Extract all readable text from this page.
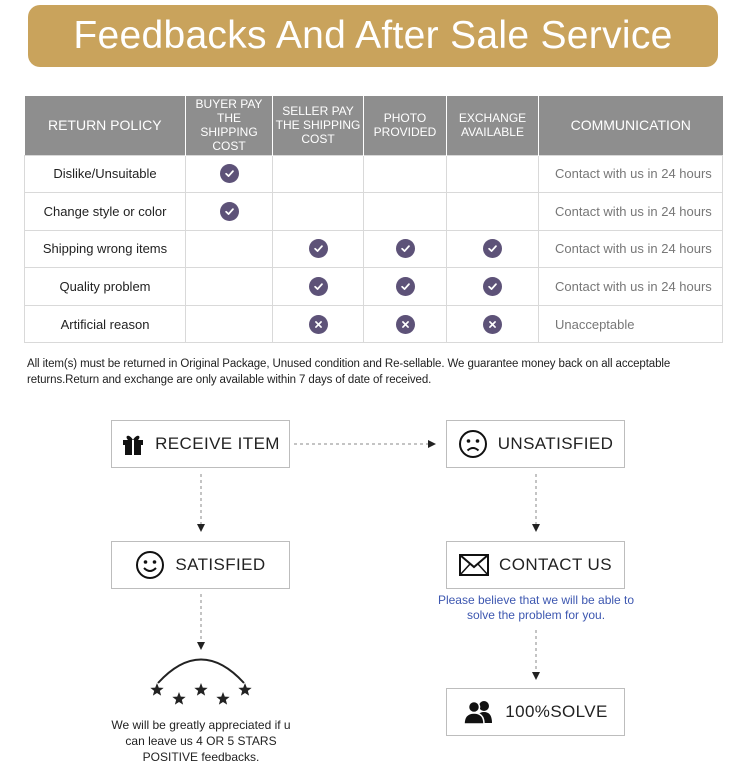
Feedbacks And After Sale Service
RETURN POLICY	BUYER PAY THE SHIPPING COST	SELLER PAY THE SHIPPING COST	PHOTO PROVIDED	EXCHANGE AVAILABLE	COMMUNICATION
Dislike/Unsuitable					Contact with us in 24 hours
Change style or color					Contact with us in 24 hours
Shipping wrong items					Contact with us in 24 hours
Quality problem					Contact with us in 24 hours
Artificial reason					Unacceptable

All item(s) must be returned in Original Package, Unused condition and Re-sellable. We guarantee money back on all acceptable returns.Return and exchange are only available within 7 days of date of received.

RECEIVE ITEM	UNSATISFIED
SATISFIED	CONTACT US

Please believe that we will be able to solve the problem for you.

100%SOLVE

We will be greatly appreciated if u can leave us 4 OR 5 STARS POSITIVE feedbacks.
